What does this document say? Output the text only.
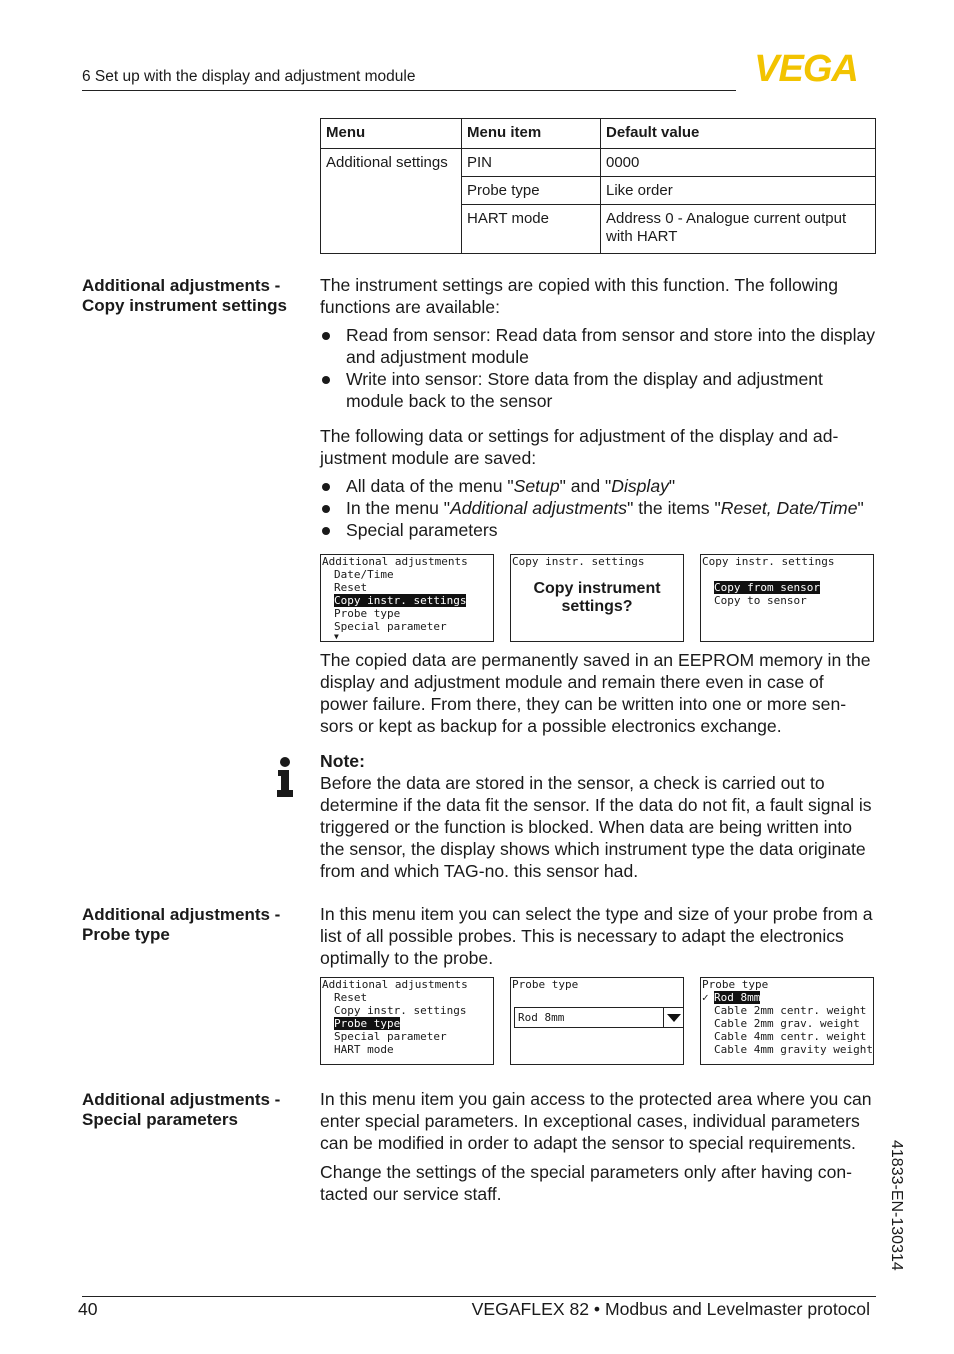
6 Set up with the display and adjustment module	VEGA
Menu	Menu item	Default value
Additional settings	PIN	0000
	Probe type	Like order
	HART mode	Address 0 - Analogue current output with HART
Additional adjustments -
Copy instrument settings

The instrument settings are copied with this function. The following functions are available:

Read from sensor: Read data from sensor and store into the display and adjustment module
Write into sensor: Store data from the display and adjustment module back to the sensor

The following data or settings for adjustment of the display and ad-justment module are saved:

All data of the menu "Setup" and "Display"
In the menu "Additional adjustments" the items "Reset, Date/Time"
Special parameters
Additional adjustments
Date/Time
Reset
Copy instr. settings
Probe type
Special parameter
▼
Copy instr. settings
Copy instrument
settings?
Copy instr. settings
Copy from sensor
Copy to sensor

The copied data are permanently saved in an EEPROM memory in the display and adjustment module and remain there even in case of power failure. From there, they can be written into one or more sen-sors or kept as backup for a possible electronics exchange.

Note:

Before the data are stored in the sensor, a check is carried out to determine if the data fit the sensor. If the data do not fit, a fault signal is triggered or the function is blocked. When data are being written into the sensor, the display shows which instrument type the data originate from and which TAG-no. this sensor had.

Additional adjustments -
Probe type

In this menu item you can select the type and size of your probe from a list of all possible probes. This is necessary to adapt the electronics optimally to the probe.

Additional adjustments
Reset
Copy instr. settings
Probe type
Special parameter
HART mode
Probe type
Rod 8mm
Probe type
✓ Rod 8mm
Cable 2mm centr. weight
Cable 2mm grav. weight
Cable 4mm centr. weight
Cable 4mm gravity weight
Additional adjustments -
Special parameters

In this menu item you gain access to the protected area where you can enter special parameters. In exceptional cases, individual parameters can be modified in order to adapt the sensor to special requirements.

Change the settings of the special parameters only after having con-tacted our service staff.	41833-EN-130314
40	VEGAFLEX 82 • Modbus and Levelmaster protocol
